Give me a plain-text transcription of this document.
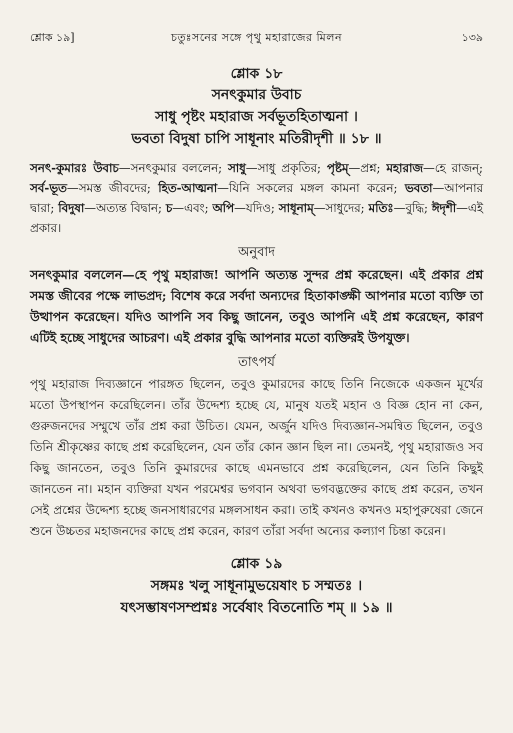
শ্লোক ১৯]	চতুঃসনের সঙ্গে পৃথু মহারাজের মিলন	১৩৯
শ্লোক ১৮
সনৎকুমার উবাচ
সাধু পৃষ্টং মহারাজ সর্বভূতহিতাত্মনা ।
ভবতা বিদুষা চাপি সাধূনাং মতিরীদৃশী ॥ ১৮ ॥
সনৎ-কুমারঃ উবাচ—সনৎকুমার বললেন; সাধু—সাধু প্রকৃতির; পৃষ্টম্—প্রশ্ন; মহারাজ—হে রাজন্; সর্ব-ভূত—সমস্ত জীবদের; হিত-আত্মনা—যিনি সকলের মঙ্গল কামনা করেন; ভবতা—আপনার দ্বারা; বিদুষা—অত্যন্ত বিদ্বান; চ—এবং; অপি—যদিও; সাধূনাম্—সাধুদের; মতিঃ—বুদ্ধি; ঈদৃশী—এই প্রকার।
অনুবাদ
সনৎকুমার বললেন—হে পৃথু মহারাজ! আপনি অত্যন্ত সুন্দর প্রশ্ন করেছেন। এই প্রকার প্রশ্ন সমস্ত জীবের পক্ষে লাভপ্রদ; বিশেষ করে সর্বদা অন্যদের হিতাকাঙ্ক্ষী আপনার মতো ব্যক্তি তা উত্থাপন করেছেন। যদিও আপনি সব কিছু জানেন, তবুও আপনি এই প্রশ্ন করেছেন, কারণ এটিই হচ্ছে সাধুদের আচরণ। এই প্রকার বুদ্ধি আপনার মতো ব্যক্তিরই উপযুক্ত।
তাৎপর্য
পৃথু মহারাজ দিব্যজ্ঞানে পারঙ্গত ছিলেন, তবুও কুমারদের কাছে তিনি নিজেকে একজন মূর্খের মতো উপস্থাপন করেছিলেন। তাঁর উদ্দেশ্য হচ্ছে যে, মানুষ যতই মহান ও বিজ্ঞ হোন না কেন, গুরুজনদের সম্মুখে তাঁর প্রশ্ন করা উচিত। যেমন, অর্জুন যদিও দিব্যজ্ঞান-সমন্বিত ছিলেন, তবুও তিনি শ্রীকৃষ্ণের কাছে প্রশ্ন করেছিলেন, যেন তাঁর কোন জ্ঞান ছিল না। তেমনই, পৃথু মহারাজও সব কিছু জানতেন, তবুও তিনি কুমারদের কাছে এমনভাবে প্রশ্ন করেছিলেন, যেন তিনি কিছুই জানতেন না। মহান ব্যক্তিরা যখন পরমেশ্বর ভগবান অথবা ভগবদ্ভক্তের কাছে প্রশ্ন করেন, তখন সেই প্রশ্নের উদ্দেশ্য হচ্ছে জনসাধারণের মঙ্গলসাধন করা। তাই কখনও কখনও মহাপুরুষেরা জেনে শুনে উচ্চতর মহাজনদের কাছে প্রশ্ন করেন, কারণ তাঁরা সর্বদা অন্যের কল্যাণ চিন্তা করেন।
শ্লোক ১৯
সঙ্গমঃ খলু সাধূনামুভয়েষাং চ সম্মতঃ ।
যৎসম্ভাষণসম্প্রশ্নঃ সর্বেষাং বিতনোতি শম্ ॥ ১৯ ॥
